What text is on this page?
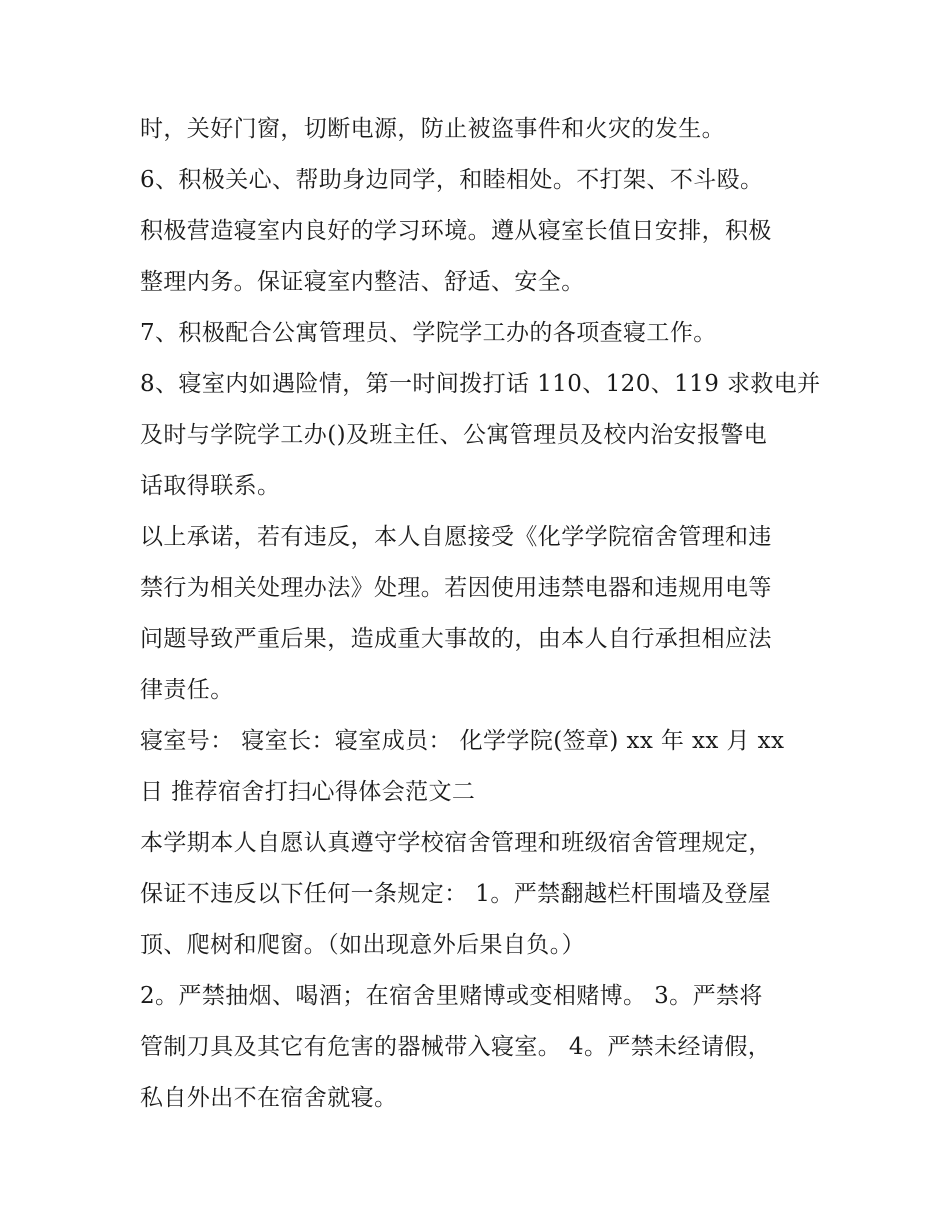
时，关好门窗，切断电源，防止被盗事件和火灾的发生。
6、积极关心、帮助身边同学，和睦相处。不打架、不斗殴。
积极营造寝室内良好的学习环境。遵从寝室长值日安排，积极
整理内务。保证寝室内整洁、舒适、安全。
7、积极配合公寓管理员、学院学工办的各项查寝工作。
8、寝室内如遇险情，第一时间拨打话 110、120、119 求救电并
及时与学院学工办()及班主任、公寓管理员及校内治安报警电
话取得联系。
以上承诺，若有违反，本人自愿接受《化学学院宿舍管理和违
禁行为相关处理办法》处理。若因使用违禁电器和违规用电等
问题导致严重后果，造成重大事故的，由本人自行承担相应法
律责任。
寝室号： 寝室长：寝室成员： 化学学院(签章) xx 年 xx 月 xx
日 推荐宿舍打扫心得体会范文二
本学期本人自愿认真遵守学校宿舍管理和班级宿舍管理规定，
保证不违反以下任何一条规定： 1。严禁翻越栏杆围墙及登屋
顶、爬树和爬窗。（如出现意外后果自负。）
2。严禁抽烟、喝酒；在宿舍里赌博或变相赌博。 3。严禁将
管制刀具及其它有危害的器械带入寝室。 4。严禁未经请假，
私自外出不在宿舍就寝。
